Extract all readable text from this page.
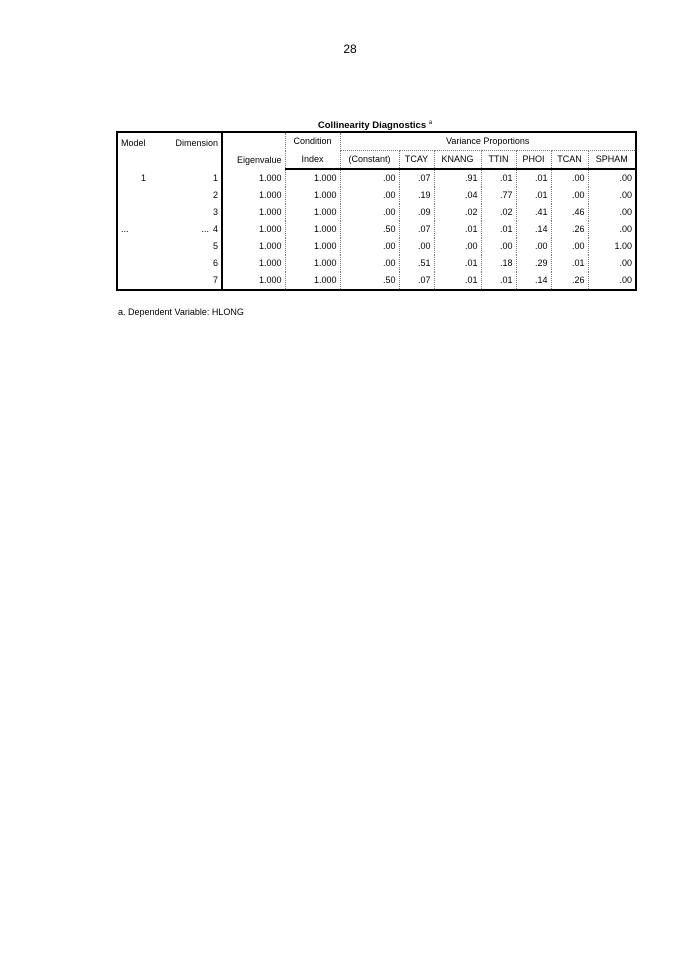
28
Collinearity Diagnostics $^a$
Model	Dimension	Eigenvalue	Condition	Variance Proportions						
			Index	(Constant)	TCAY	KNANG	TTIN	PHOI	TCAN	SPHAM
1	1	1.000	1.000	.00	.07	.91	.01	.01	.00	.00
	2	1.000	1.000	.00	.19	.04	.77	.01	.00	.00
	3	1.000	1.000	.00	.09	.02	.02	.41	.46	.00
...	... 4	1.000	1.000	.50	.07	.01	.01	.14	.26	.00
	5	1.000	1.000	.00	.00	.00	.00	.00	.00	1.00
	6	1.000	1.000	.00	.51	.01	.18	.29	.01	.00
	7	1.000	1.000	.50	.07	.01	.01	.14	.26	.00
a. Dependent Variable: HLONG
